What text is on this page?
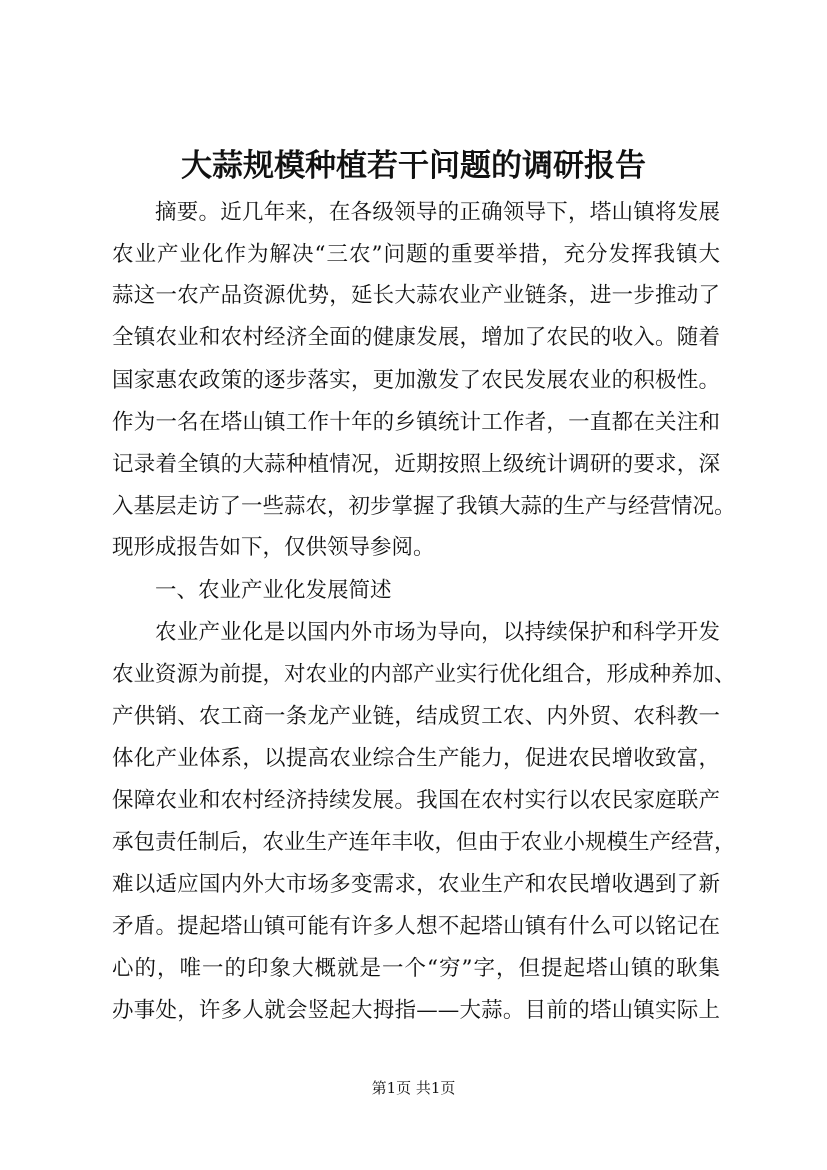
大蒜规模种植若干问题的调研报告
摘要。近几年来，在各级领导的正确领导下，塔山镇将发展
农业产业化作为解决“三农”问题的重要举措，充分发挥我镇大
蒜这一农产品资源优势，延长大蒜农业产业链条，进一步推动了
全镇农业和农村经济全面的健康发展，增加了农民的收入。随着
国家惠农政策的逐步落实，更加激发了农民发展农业的积极性。
作为一名在塔山镇工作十年的乡镇统计工作者，一直都在关注和
记录着全镇的大蒜种植情况，近期按照上级统计调研的要求，深
入基层走访了一些蒜农，初步掌握了我镇大蒜的生产与经营情况。
现形成报告如下，仅供领导参阅。
一、农业产业化发展简述
农业产业化是以国内外市场为导向，以持续保护和科学开发
农业资源为前提，对农业的内部产业实行优化组合，形成种养加、
产供销、农工商一条龙产业链，结成贸工农、内外贸、农科教一
体化产业体系，以提高农业综合生产能力，促进农民增收致富，
保障农业和农村经济持续发展。我国在农村实行以农民家庭联产
承包责任制后，农业生产连年丰收，但由于农业小规模生产经营，
难以适应国内外大市场多变需求，农业生产和农民增收遇到了新
矛盾。提起塔山镇可能有许多人想不起塔山镇有什么可以铭记在
心的，唯一的印象大概就是一个“穷”字，但提起塔山镇的耿集
办事处，许多人就会竖起大拇指——大蒜。目前的塔山镇实际上
第1页 共1页
